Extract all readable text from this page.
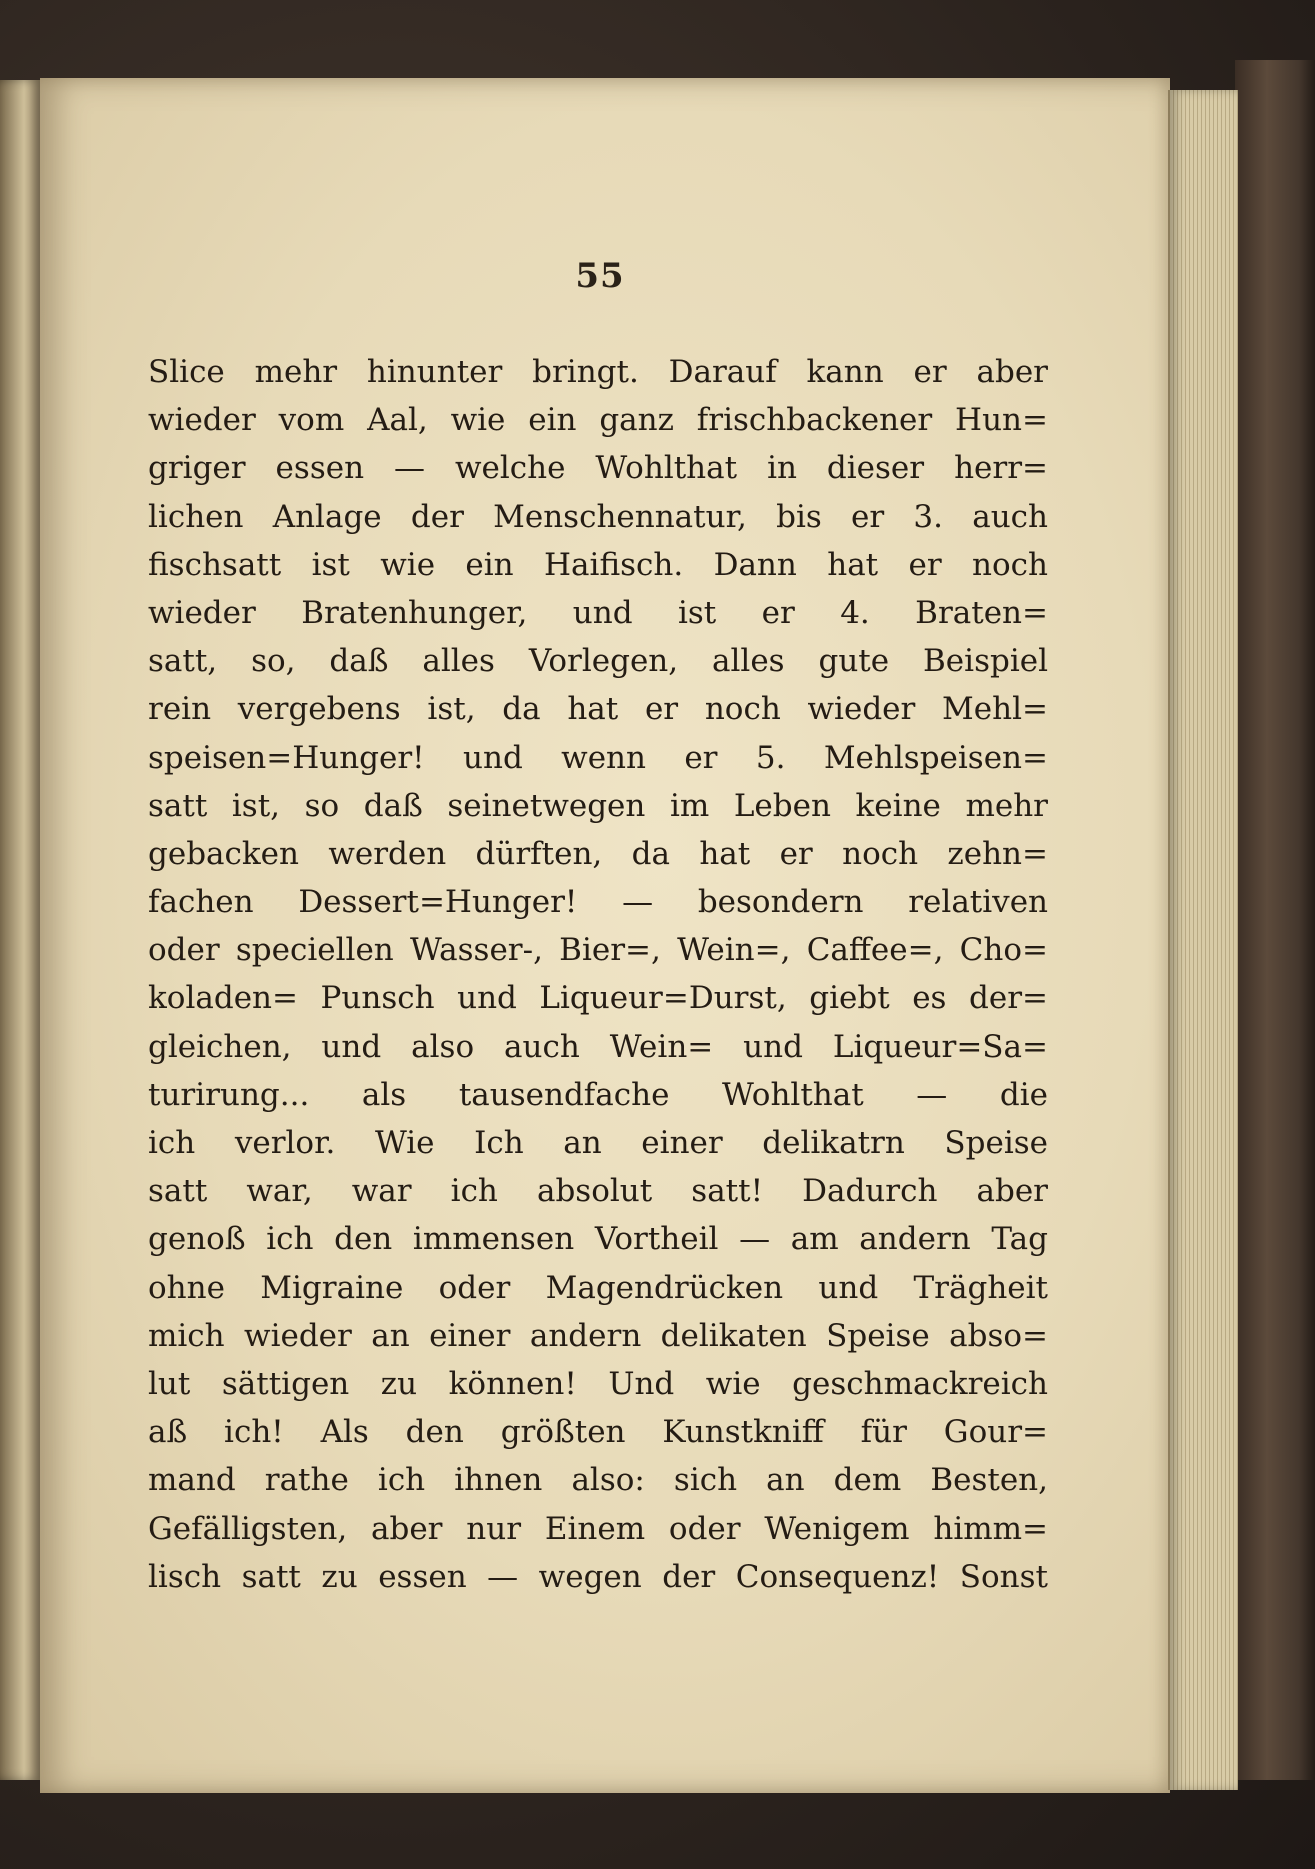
55
Slice mehr hinunter bringt. Darauf kann er aber
wieder vom Aal, wie ein ganz frischbackener Hun=
griger essen — welche Wohlthat in dieser herr=
lichen Anlage der Menschennatur, bis er 3. auch
fischsatt ist wie ein Haifisch. Dann hat er noch
wieder Bratenhunger, und ist er 4. Braten=
satt, so, daß alles Vorlegen, alles gute Beispiel
rein vergebens ist, da hat er noch wieder Mehl=
speisen=Hunger! und wenn er 5. Mehlspeisen=
satt ist, so daß seinetwegen im Leben keine mehr
gebacken werden dürften, da hat er noch zehn=
fachen Dessert=Hunger! — besondern relativen
oder speciellen Wasser-, Bier=, Wein=, Caffee=, Cho=
koladen= Punsch und Liqueur=Durst, giebt es der=
gleichen, und also auch Wein= und Liqueur=Sa=
turirung... als tausendfache Wohlthat — die
ich verlor. Wie Ich an einer delikatrn Speise
satt war, war ich absolut satt! Dadurch aber
genoß ich den immensen Vortheil — am andern Tag
ohne Migraine oder Magendrücken und Trägheit
mich wieder an einer andern delikaten Speise abso=
lut sättigen zu können! Und wie geschmackreich
aß ich! Als den größten Kunstkniff für Gour=
mand rathe ich ihnen also: sich an dem Besten,
Gefälligsten, aber nur Einem oder Wenigem himm=
lisch satt zu essen — wegen der Consequenz! Sonst
